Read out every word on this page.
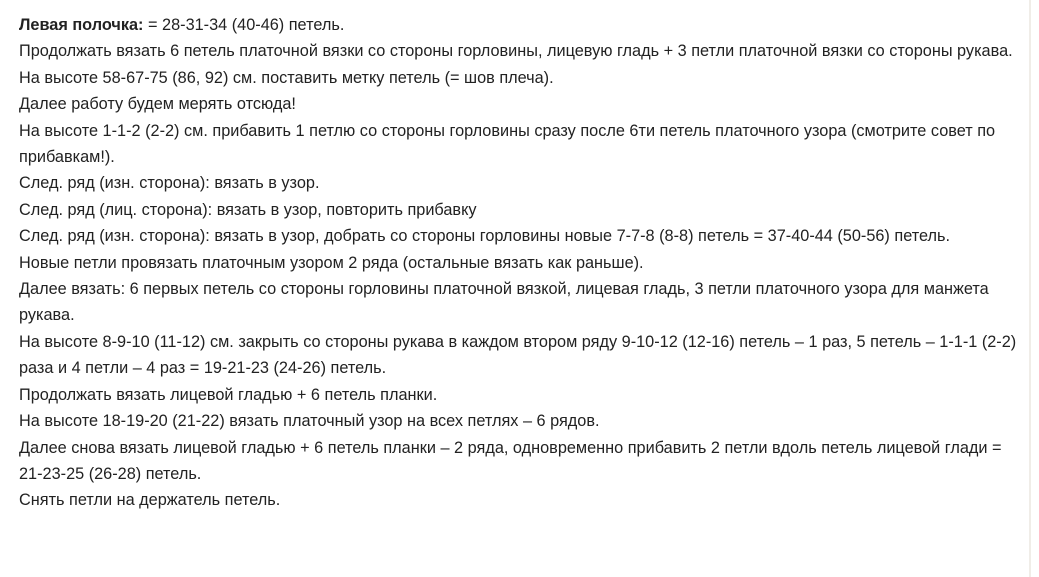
Левая полочка: = 28-31-34 (40-46) петель.

Продолжать вязать 6 петель платочной вязки со стороны горловины, лицевую гладь + 3 петли платочной вязки со стороны рукава.

На высоте 58-67-75 (86, 92) см. поставить метку петель (= шов плеча).

Далее работу будем мерять отсюда!

На высоте 1-1-2 (2-2) см. прибавить 1 петлю со стороны горловины сразу после 6ти петель платочного узора (смотрите совет по прибавкам!).

След. ряд (изн. сторона): вязать в узор.

След. ряд (лиц. сторона): вязать в узор, повторить прибавку

След. ряд (изн. сторона): вязать в узор, добрать со стороны горловины новые 7-7-8 (8-8) петель = 37-40-44 (50-56) петель.

Новые петли провязать платочным узором 2 ряда (остальные вязать как раньше).

Далее вязать: 6 первых петель со стороны горловины платочной вязкой, лицевая гладь, 3 петли платочного узора для манжета рукава.

На высоте 8-9-10 (11-12) см. закрыть со стороны рукава в каждом втором ряду 9-10-12 (12-16) петель – 1 раз, 5 петель – 1-1-1 (2-2) раза и 4 петли – 4 раз = 19-21-23 (24-26) петель.

Продолжать вязать лицевой гладью + 6 петель планки.

На высоте 18-19-20 (21-22) вязать платочный узор на всех петлях – 6 рядов.

Далее снова вязать лицевой гладью + 6 петель планки – 2 ряда, одновременно прибавить 2 петли вдоль петель лицевой глади = 21-23-25 (26-28) петель.

Снять петли на держатель петель.
